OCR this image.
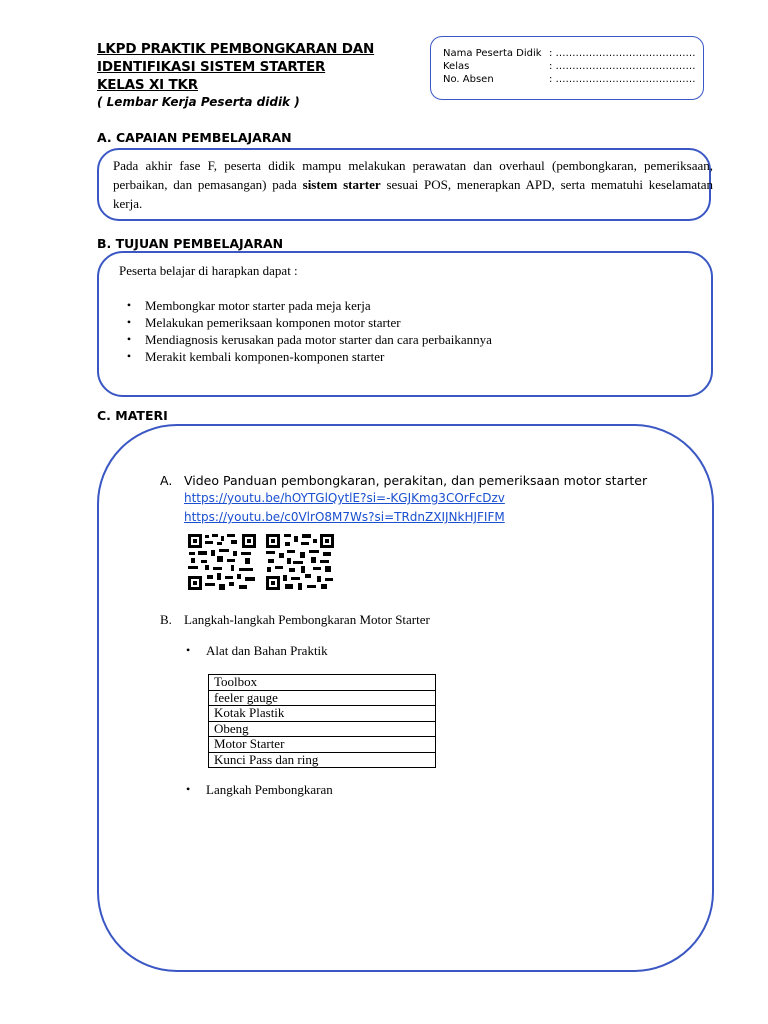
LKPD PRAKTIK PEMBONGKARAN DAN
IDENTIFIKASI SISTEM STARTER
KELAS XI TKR
( Lembar Kerja Peserta didik )
Nama Peserta Didik : ……………………………………
Kelas	: ……………………………………
No. Absen	: ……………………………………
A. CAPAIAN PEMBELAJARAN

Pada akhir fase F, peserta didik mampu melakukan perawatan dan overhaul (pembongkaran, pemeriksaan, perbaikan, dan pemasangan) pada sistem starter sesuai POS, menerapkan APD, serta mematuhi keselamatan kerja.

B. TUJUAN PEMBELAJARAN
Peserta belajar di harapkan dapat :
•	Membongkar motor starter pada meja kerja
•	Melakukan pemeriksaan komponen motor starter
•	Mendiagnosis kerusakan pada motor starter dan cara perbaikannya
•	Merakit kembali komponen-komponen starter
C. MATERI
A. Video Panduan pembongkaran, perakitan, dan pemeriksaan motor starter
https://youtu.be/hOYTGlQytlE?si=-KGJKmg3COrFcDzv
https://youtu.be/c0VlrO8M7Ws?si=TRdnZXIJNkHJFIFM
B. Langkah-langkah Pembongkaran Motor Starter
•	Alat dan Bahan Praktik
Toolbox
feeler gauge
Kotak Plastik
Obeng
Motor Starter
Kunci Pass dan ring
•	Langkah Pembongkaran
